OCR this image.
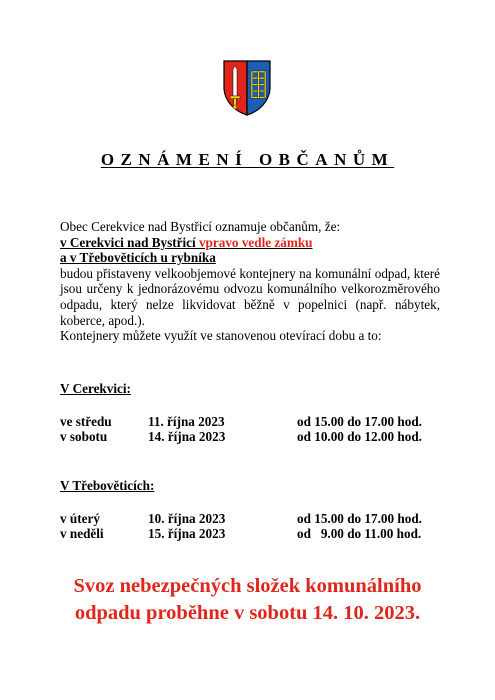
OZNÁMENÍ OBČANŮM
Obec Cerekvice nad Bystřicí oznamuje občanům, že:
v Cerekvici nad Bystřicí vpravo vedle zámku
a v Třebověticích u rybníka
budou přistaveny velkoobjemové kontejnery na komunální odpad, které jsou určeny k jednorázovému odvozu komunálního velkorozměrového odpadu, který nelze likvidovat běžně v popelnici (např. nábytek, koberce, apod.).
Kontejnery můžete využít ve stanovenou otevírací dobu a to:
V Cerekvici:
ve středu	11. října 2023	od 15.00 do 17.00 hod.
v sobotu	14. října 2023	od 10.00 do 12.00 hod.
V Třebověticích:
v úterý	10. října 2023	od 15.00 do 17.00 hod.
v neděli	15. října 2023	od   9.00 do 11.00 hod.
Svoz nebezpečných složek komunálního
odpadu proběhne v sobotu 14. 10. 2023.
